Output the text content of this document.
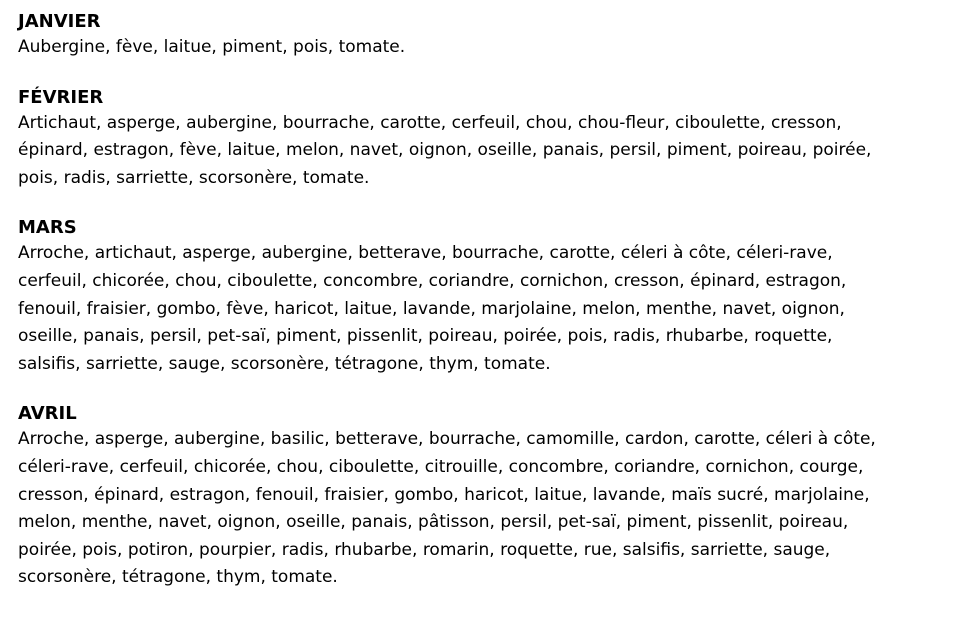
JANVIER

Aubergine, fève, laitue, piment, pois, tomate.

FÉVRIER

Artichaut, asperge, aubergine, bourrache, carotte, cerfeuil, chou, chou-fleur, ciboulette, cresson,
épinard, estragon, fève, laitue, melon, navet, oignon, oseille, panais, persil, piment, poireau, poirée,
pois, radis, sarriette, scorsonère, tomate.

MARS

Arroche, artichaut, asperge, aubergine, betterave, bourrache, carotte, céleri à côte, céleri-rave,
cerfeuil, chicorée, chou, ciboulette, concombre, coriandre, cornichon, cresson, épinard, estragon,
fenouil, fraisier, gombo, fève, haricot, laitue, lavande, marjolaine, melon, menthe, navet, oignon,
oseille, panais, persil, pet-saï, piment, pissenlit, poireau, poirée, pois, radis, rhubarbe, roquette,
salsifis, sarriette, sauge, scorsonère, tétragone, thym, tomate.

AVRIL

Arroche, asperge, aubergine, basilic, betterave, bourrache, camomille, cardon, carotte, céleri à côte,
céleri-rave, cerfeuil, chicorée, chou, ciboulette, citrouille, concombre, coriandre, cornichon, courge,
cresson, épinard, estragon, fenouil, fraisier, gombo, haricot, laitue, lavande, maïs sucré, marjolaine,
melon, menthe, navet, oignon, oseille, panais, pâtisson, persil, pet-saï, piment, pissenlit, poireau,
poirée, pois, potiron, pourpier, radis, rhubarbe, romarin, roquette, rue, salsifis, sarriette, sauge,
scorsonère, tétragone, thym, tomate.
